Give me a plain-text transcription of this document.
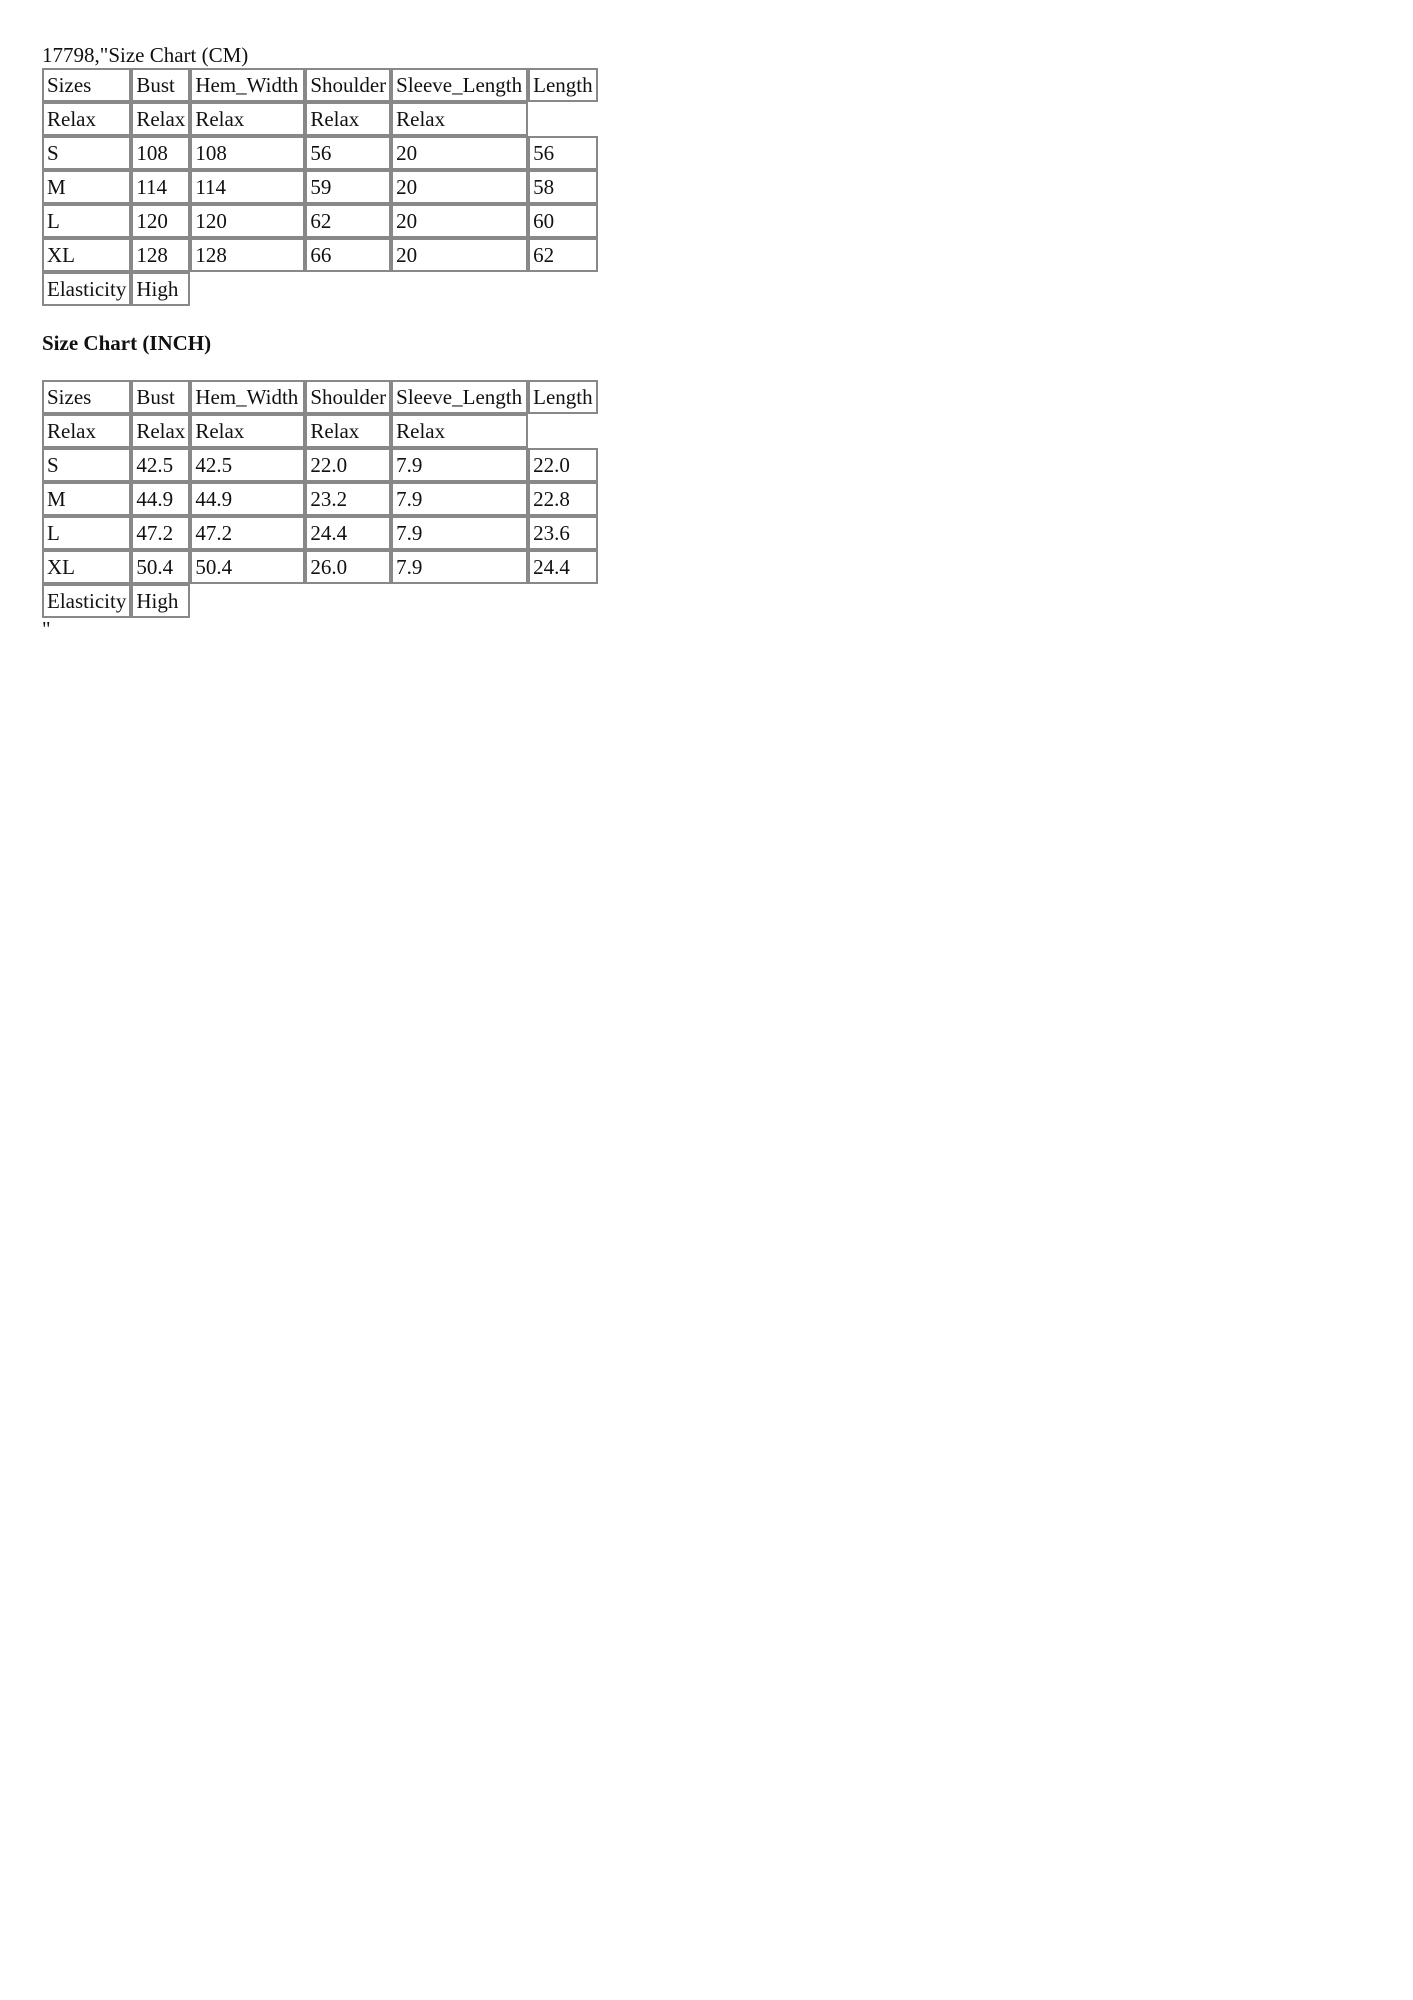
17798,"Size Chart (CM)
Sizes	Bust	Hem_Width	Shoulder	Sleeve_Length	Length
Relax	Relax	Relax	Relax	Relax	
S	108	108	56	20	56
M	114	114	59	20	58
L	120	120	62	20	60
XL	128	128	66	20	62
Elasticity	High				
Size Chart (INCH)
Sizes	Bust	Hem_Width	Shoulder	Sleeve_Length	Length
Relax	Relax	Relax	Relax	Relax	
S	42.5	42.5	22.0	7.9	22.0
M	44.9	44.9	23.2	7.9	22.8
L	47.2	47.2	24.4	7.9	23.6
XL	50.4	50.4	26.0	7.9	24.4
Elasticity	High				
"
